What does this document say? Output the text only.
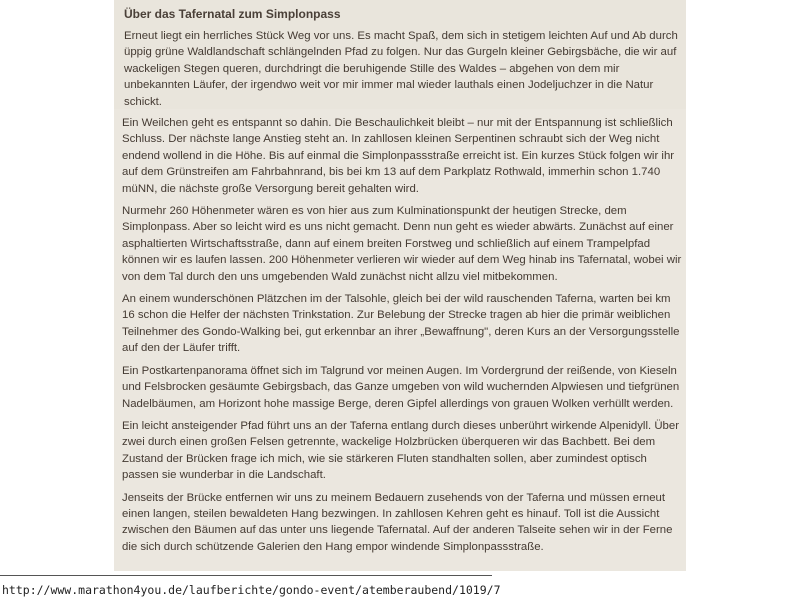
Über das Tafernatal zum Simplonpass

Erneut liegt ein herrliches Stück Weg vor uns. Es macht Spaß, dem sich in stetigem leichten Auf und Ab durch üppig grüne Waldlandschaft schlängelnden Pfad zu folgen. Nur das Gurgeln kleiner Gebirgsbäche, die wir auf wackeligen Stegen queren, durchdringt die beruhigende Stille des Waldes – abgehen von dem mir unbekannten Läufer, der irgendwo weit vor mir immer mal wieder lauthals einen Jodeljuchzer in die Natur schickt.

Ein Weilchen geht es entspannt so dahin. Die Beschaulichkeit bleibt – nur mit der Entspannung ist schließlich Schluss. Der nächste lange Anstieg steht an. In zahllosen kleinen Serpentinen schraubt sich der Weg nicht endend wollend in die Höhe. Bis auf einmal die Simplonpassstraße erreicht ist. Ein kurzes Stück folgen wir ihr auf dem Grünstreifen am Fahrbahnrand, bis bei km 13 auf dem Parkplatz Rothwald, immerhin schon 1.740 müNN, die nächste große Versorgung bereit gehalten wird.

Nurmehr 260 Höhenmeter wären es von hier aus zum Kulminationspunkt der heutigen Strecke, dem Simplonpass. Aber so leicht wird es uns nicht gemacht. Denn nun geht es wieder abwärts. Zunächst auf einer asphaltierten Wirtschaftsstraße, dann auf einem breiten Forstweg und schließlich auf einem Trampelpfad können wir es laufen lassen. 200 Höhenmeter verlieren wir wieder auf dem Weg hinab ins Tafernatal, wobei wir von dem Tal durch den uns umgebenden Wald zunächst nicht allzu viel mitbekommen.

An einem wunderschönen Plätzchen im der Talsohle, gleich bei der wild rauschenden Taferna, warten bei km 16 schon die Helfer der nächsten Trinkstation. Zur Belebung der Strecke tragen ab hier die primär weiblichen Teilnehmer des Gondo-Walking bei, gut erkennbar an ihrer „Bewaffnung", deren Kurs an der Versorgungsstelle auf den der Läufer trifft.

Ein Postkartenpanorama öffnet sich im Talgrund vor meinen Augen. Im Vordergrund der reißende, von Kieseln und Felsbrocken gesäumte Gebirgsbach, das Ganze umgeben von wild wuchernden Alpwiesen und tiefgrünen Nadelbäumen, am Horizont hohe massige Berge, deren Gipfel allerdings von grauen Wolken verhüllt werden.

Ein leicht ansteigender Pfad führt uns an der Taferna entlang durch dieses unberührt wirkende Alpenidyll. Über zwei durch einen großen Felsen getrennte, wackelige Holzbrücken überqueren wir das Bachbett. Bei dem Zustand der Brücken frage ich mich, wie sie stärkeren Fluten standhalten sollen, aber zumindest optisch passen sie wunderbar in die Landschaft.

Jenseits der Brücke entfernen wir uns zu meinem Bedauern zusehends von der Taferna und müssen erneut einen langen, steilen bewaldeten Hang bezwingen. In zahllosen Kehren geht es hinauf. Toll ist die Aussicht zwischen den Bäumen auf das unter uns liegende Tafernatal. Auf der anderen Talseite sehen wir in der Ferne die sich durch schützende Galerien den Hang empor windende Simplonpassstraße.

http://www.marathon4you.de/laufberichte/gondo-event/atemberaubend/1019/7
